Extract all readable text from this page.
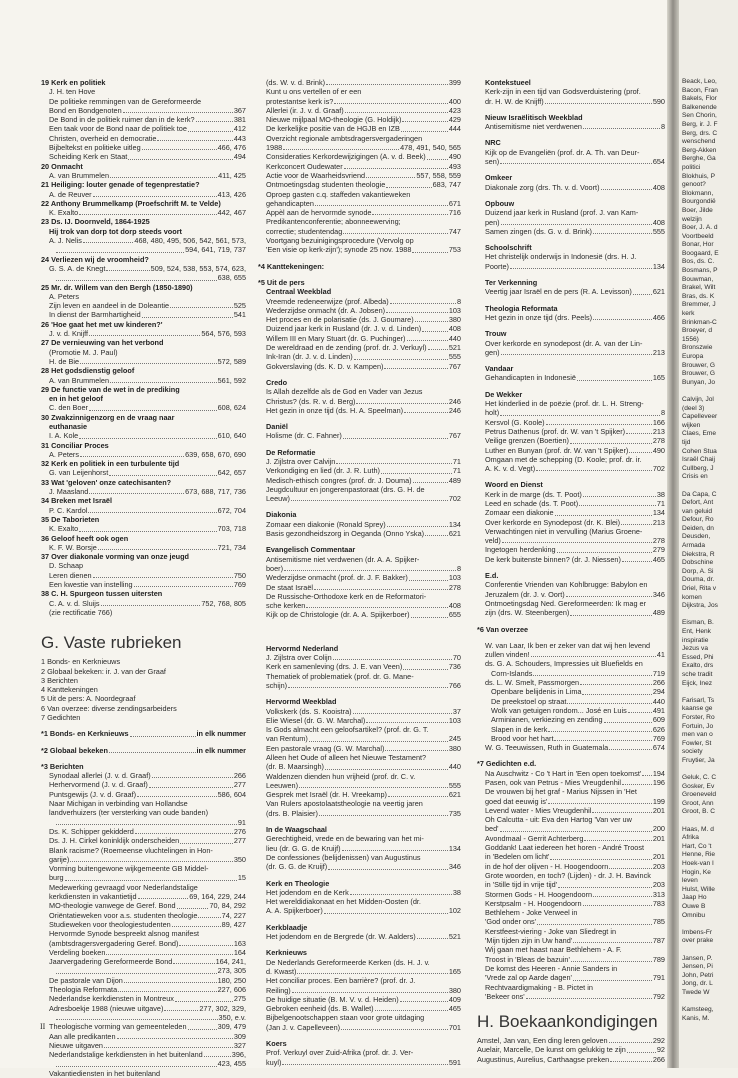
19 Kerk en politiek
J. H. ten Hove
De politieke remmingen van de Gereformeerde
Bond en Bondgenoten	367
De Bond in de politiek ruimer dan in de kerk?	381
Een taak voor de Bond naar de politiek toe	412
Christen, overheid en democratie	443
Bijbeltekst en politieke uitleg	466, 476
Scheiding Kerk en Staat	494
20 Onmacht
A. van Brummelen	411, 425
21 Heiliging: louter genade of tegenprestatie?
A. de Reuver	413, 426
22 Anthony Brummelkamp (Proefschrift M. te Velde)
K. Exalto	442, 467
23 Ds. IJ. Doornveld, 1864-1925
Hij trok van dorp tot dorp steeds voort
A. J. Nelis	468, 480, 495, 506, 542, 561, 573,
594, 641, 719, 737
24 Verliezen wij de vroomheid?
G. S. A. de Knegt	509, 524, 538, 553, 574, 623,
638, 655
25 Mr. dr. Willem van den Bergh (1850-1890)
A. Peters
Zijn leven en aandeel in de Doleantie	525
In dienst der Barmhartigheid	541
26 'Hoe gaat het met uw kinderen?'
J. v. d. Knijff	564, 576, 593
27 De vernieuwing van het verbond
(Promotie M. J. Paul)
H. de Bie	572, 589
28 Het godsdienstig geloof
A. van Brummelen	561, 592
29 De functie van de wet in de prediking
en in het geloof
C. den Boer	608, 624
30 Zwakzinnigenzorg en de vraag naar
euthanasie
I. A. Kole	610, 640
31 Conciliar Proces
A. Peters	639, 658, 670, 690
32 Kerk en politiek in een turbulente tijd
G. van Leijenhorst	642, 657
33 Wat 'geloven' onze catechisanten?
J. Maasland	673, 688, 717, 736
34 Breken met Israël
P. C. Kardol	672, 704
35 De Taborieten
K. Exalto	703, 718
36 Geloof heeft ook ogen
K. F. W. Borsje	721, 734
37 Over diakonale vorming van onze jeugd
D. Schaap
Leren dienen	750
Een kwestie van instelling	769
38 C. H. Spurgeon tussen uitersten
C. A. v. d. Sluijs	752, 768, 805
(zie rectificatie 766)
G. Vaste rubrieken
1 Bonds- en Kerknieuws
2 Globaal bekeken: ir. J. van der Graaf
3 Berichten
4 Kanttekeningen
5 Uit de pers: A. Noordegraaf
6 Van overzee: diverse zendingsarbeiders
7 Gedichten
*1 Bonds- en Kerknieuws	in elk nummer
*2 Globaal bekeken	in elk nummer
*3 Berichten
Synodaal allerlei (J. v. d. Graaf)	266
Herhervormend (J. v. d. Graaf)	277
Puntsgewijs (J. v. d. Graaf)	586, 604
Naar Michigan in verbinding van Hollandse
landverhuizers (ter versterking van oude banden)
91
Ds. K. Schipper gekidderd	276
Ds. J. H. Cirkel koninklijk onderscheiden	277
Blank racisme? (Roemeense vluchtelingen in Hon-
garije)	350
Vorming buitengewone wijkgemeente GB Middel-
burg	15
Medewerking gevraagd voor Nederlandstalige
kerkdiensten in vakantietijd	69, 164, 229, 244
MO-theologie vanwege de Geref. Bond	70, 84, 292
Oriëntatieweken voor a.s. studenten theologie	74, 227
Studieweken voor theologiestudenten	89, 427
Hervormde Synode bespreekt alsnog manifest
(ambtsdragersvergadering Geref. Bond)	163
Verdeling boeken	164
Jaarvergadering Gereformeerde Bond	164, 241,
273, 305
De pastorale van Dijon	180, 250
Theologia Reformata	227, 606
Nederlandse kerkdiensten in Montreux	275
Adresboekje 1988 (nieuwe uitgave)	277, 302, 329,
350, e.v.
Theologische vorming van gemeenteleden	309, 479
Aan alle predikanten	309
Nieuwe uitgaven	327
Nederlandstalige kerkdiensten in het buitenland	396,
423, 455
Vakantiediensten in het buitenland
(ds. W. v. d. Brink)	399
Kunt u ons vertellen of er een
protestantse kerk is?	400
Allerlei (ir. J. v. d. Graaf)	423
Nieuwe mijlpaal MO-theologie (G. Holdijk)	429
De kerkelijke positie van de HGJB en IZB	444
Overzicht regionale ambtsdragersvergaderingen
1988	478, 491, 540, 565
Consideraties Kerkordewijzigingen (A. v. d. Beek)	490
Kerkconcert Oudewater	493
Actie voor de Waarheidsvriend	557, 558, 559
Ontmoetingsdag studenten theologie	683, 747
Oproep gasten c.q. staffeden vakantieweken
gehandicapten	671
Appèl aan de hervormde synode	716
Predikantenconferentie; abonneewerving;
correctie; studentendag	747
Voortgang bezuinigingsprocedure (Vervolg op
'Een visie op kerk-zijn'); synode 25 nov. 1988	753
*4 Kanttekeningen:
*5 Uit de pers
Centraal Weekblad
Vreemde redeneerwijze (prof. Albeda)	8
Wederzijdse onmacht (dr. A. Jobsen)	103
Het proces en de polarisatie (ds. J. Goumare)	380
Duizend jaar kerk in Rusland (dr. J. v. d. Linden)	408
Willem III en Mary Stuart (dr. G. Puchinger)	440
De wereldraad en de zending (prof. dr. J. Verkuyl)	521
Ink-Iran (dr. J. v. d. Linden)	555
Gokverslaving (ds. K. D. v. Kampen)	767
Credo
Is Allah dezelfde als de God en Vader van Jezus
Christus? (ds. R. v. d. Berg)	246
Het gezin in onze tijd (ds. H. A. Speelman)	246
Daniël
Holisme (dr. C. Fahner)	767
De Reformatie
J. Zijlstra over Calvijn	71
Verkondiging en lied (dr. J. R. Luth)	71
Medisch-ethisch congres (prof. dr. J. Douma)	489
Jeugdcultuur en jongerenpastoraat (drs. G. H. de
Leeuw)	702
Diakonia
Zomaar een diakonie (Ronald Sprey)	134
Basis gezondheidszorg in Oeganda (Onno Yska)	621
Evangelisch Commentaar
Antisemitisme niet verdwenen (dr. A. A. Spijker-
boer)	8
Wederzijdse onmacht (prof. dr. J. F. Bakker)	103
De staat Israël	278
De Russische-Orthodoxe kerk en de Reformatori-
sche kerken	408
Kijk op de Christologie (dr. A. A. Spijkerboer)	655
Hervormd Nederland
J. Zijlstra over Colijn	70
Kerk en samenleving (drs. J. E. van Veen)	736
Thematiek of problematiek (prof. dr. G. Mane-
schijn)	766
Hervormd Weekblad
Volkskerk (ds. S. Kooistra)	37
Elie Wiesel (dr. G. W. Marchal)	103
Is Gods almacht een geloofsartikel? (prof. dr. G. T.
van Rentum)	245
Een pastorale vraag (G. W. Marchal)	380
Alleen het Oude of alleen het Nieuwe Testament?
(dr. B. Maarsingh)	440
Waldenzen dienden hun vrijheid (prof. dr. C. v.
Leeuwen)	555
Gesprek met Israël (dr. H. Vreekamp)	621
Van Rulers apostolaatstheologie na veertig jaren
(drs. B. Plaisier)	735
In de Waagschaal
Gerechtigheid, vrede en de bewaring van het mi-
lieu (dr. G. G. de Kruijf)	134
De confessiones (belijdenissen) van Augustinus
(dr. G. G. de Kruijf)	346
Kerk en Theologie
Het jodendom en de Kerk	38
Het wereldidiakonaat en het Midden-Oosten (dr.
A. A. Spijkerboer)	102
Kerkblaadje
Het jodendom en de Bergrede (dr. W. Aalders)	521
Kerknieuws
De Nederlands Gereformeerde Kerken (ds. H. J. v.
d. Kwast)	165
Het conciliar proces. Een barrière? (prof. dr. J.
Reiling)	380
De huidige situatie (B. M. V. v. d. Heiden)	409
Gebroken eenheid (ds. B. Wallet)	465
Bijbelgenootschappen staan voor grote uitdaging
(Jan J. v. Capelleveen)	701
Koers
Prof. Verkuyl over Zuid-Afrika (prof. dr. J. Ver-
kuyl)	591
Kontekstueel
Kerk-zijn in een tijd van Godsverduistering (prof.
dr. H. W. de Knijff)	590
Nieuw Israëlitisch Weekblad
Antisemitisme niet verdwenen	8
NRC
Kijk op de Evangeliën (prof. dr. A. Th. van Deur-
sen)	654
Omkeer
Diakonale zorg (drs. Th. v. d. Voort)	408
Opbouw
Duizend jaar kerk in Rusland (prof. J. van Kam-
pen)	408
Samen zingen (ds. G. v. d. Brink)	555
Schoolschrift
Het christelijk onderwijs in Indonesië (drs. H. J.
Poorte)	134
Ter Verkenning
Veertig jaar Israël en de pers (R. A. Levisson)	621
Theologia Reformata
Het gezin in onze tijd (drs. Peels)	466
Trouw
Over kerkorde en synodepost (dr. A. van der Lin-
gen)	213
Vandaar
Gehandicapten in Indonesië	165
De Wekker
Het kinderlied in de poëzie (prof. dr. L. H. Streng-
holt)	8
Kersvol (G. Koole)	166
Petrus Dathenus (prof. dr. W. van 't Spijker)	213
Veilige grenzen (Boertien)	278
Luther en Bunyan (prof. dr. W. van 't Spijker)	490
Omgaan met de schepping (D. Koole; prof. dr. ir.
A. K. v. d. Vegt)	702
Woord en Dienst
Kerk in de marge (ds. T. Poot)	38
Leed en schade (ds. T. Poot)	71
Zomaar een diakonie	134
Over kerkorde en Synodepost (dr. K. Blei)	213
Verwachtingen niet in vervulling (Marius Groene-
veld)	278
Ingetogen herdenking	279
De kerk buitenste binnen? (dr. J. Niessen)	465
E.d.
Conferentie Vrienden van Kohlbrugge: Babylon en
Jeruzalem (dr. J. v. Oort)	346
Ontmoetingsdag Ned. Gereformeerden: Ik mag er
zijn (drs. W. Steenbergen)	489
*6 Van overzee
W. van Laar, Ik ben er zeker van dat wij hen levend
zullen vinden!	41
ds. G. A. Schouders, Impressies uit Bluefields en
Corn-Islands	719
ds. L. W. Smelt, Passmorgen	266
Openbare belijdenis in Lima	294
De preekstoel op straat	440
Wolk van getuigen rondom... José en Luis	491
Arminianen, verkiezing en zending	609
Slapen in de kerk	626
Brood voor het hart	769
W. G. Teeuwissen, Ruth in Guatemala	674
*7 Gedichten e.d.
Na Auschwitz - Co 't Hart in 'Een open toekomst' 194
Pasen, ook van Petrus - Mies Vreugdenhil	196
De vrouwen bij het graf - Marius Nijssen in 'Het
goed dat eeuwig is'	199
Levend water - Mies Vreugdenhil	201
Oh Calcutta - uit: Eva den Hartog 'Van ver uw
bed'	200
Avondmaal - Gerrit Achterberg	201
Goddank! Laat iedereen het horen - André Troost
in 'Bedelen om licht'	201
in de hof der olijven - H. Hoogendoorn	203
Grote woorden, en toch? (Lijden) - dr. J. H. Bavinck
in 'Stille tijd in vrije tijd'	203
Stormen Gods - H. Hoogendoorn	313
Kerstpsalm - H. Hoogendoorn	783
Bethlehem - Joke Verweel in
'God onder ons'	785
Kerstfeest-viering - Joke van Sliedregt in
'Mijn tijden zijn in Uw hand'	787
Wij gaan met haast naar Bethlehem - A. F.
Troost in 'Bleas de bazuin'	789
De komst des Heeren - Annie Sanders in
'Vrede zal op Aarde dagen'	791
Rechtvaardigmaking - B. Pictet in
'Bekeer ons'	792
H. Boekaankondigingen
Amstel, Jan van, Een ding leren geloven	292
Auelair, Marcelle, De kunst om gelukkig te zijn	92
Augustinus, Aurelius, Carthaagse preken	266
II
Beack, Leo,
Bacon, Fran
Bakels, Flor
Balkenende
Sen Chorin,
Berg, ir. J. F
Berg, drs. C
wenschend
Berg-Akken
Berghe, Ga
politici
Blokhuis, P
genoot?
Blokmann,
Bourgondië
Boer, Jilde
welzijn
Boer, J. A. d
Voortbeeld
Bonar, Hor
Boogaard, E
Bos, ds. C.
Bosmans, P
Bouwman,
Brakel, Wilt
Bras, ds. K
Bremmer, J
kerk
Brinkman-C
Broeyer, d
1556)
Bronszwie
Europa
Brouwer, G
Brouwer, G
Bunyan, Jo

Calvijn, Jol
(deel 3)
Capelleveer
wijken
Claes, Eme
tijd
Cohen Stua
Israël Chaij
Cullberg, J
Crisis en

Da Capa, C
Defort, Ant
van geluid
Defour, Ro
Deiden, dn
Deusden,
Armada
Diekstra, R
Dobschine
Dorp, A. Si
Douma, dr.
Driel, Rita v
komen
Dijkstra, Jos

Eisman, B.
Ent, Henk
inspiratie
Jezus va
Essed, Phi
Exalto, drs
sche tradit
Eijck, Inez

Farisarl, Ts
kaanse ge
Forster, Ro
Fortuin, Jo
men van o
Fowler, St
society
Fruytier, Ja

Geluk, C. C
Gosker, Ev
Groeneveld
Groot, Ann
Groot, B. C

Haas, M. d
Afrika
Hart, Co 't
Henne, Rie
Hoek-van I
Hogin, Ke
leven
Hulst, Wille
Jaap Ho
Ouwe B
Omnibu

Imbens-Fr
over prake

Jansen, P.
Jensen, Pi
John, Petri
Jong, dr. L
Twede W

Kamsteeg,
Kanis, M.
